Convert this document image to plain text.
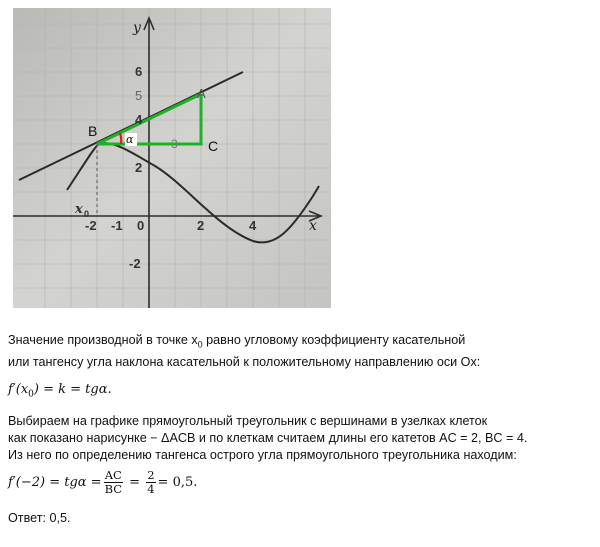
α
y
x
6
5
4
2
-2
-2 -1 0	2	4
x 0
B
C
A
3

Значение производной в точке $x_0$ равно угловому коэффициенту касательной

или тангенсу угла наклона касательной к положительному направлению оси Ox:

$f'(x_0) = k = tg\alpha$.

Выбираем на графике прямоугольный треугольник с вершинами в узелках клеток

как показано нарисунке − ΔACB и по клеткам считаем длины его катетов AC = 2, BC = 4.

Из него по определению тангенса острого угла прямоугольного треугольника находим:

$f'(-2) = tg\alpha = \frac{AC}{BC} = \frac{2}{4} = 0,5$.

Ответ: 0,5.
